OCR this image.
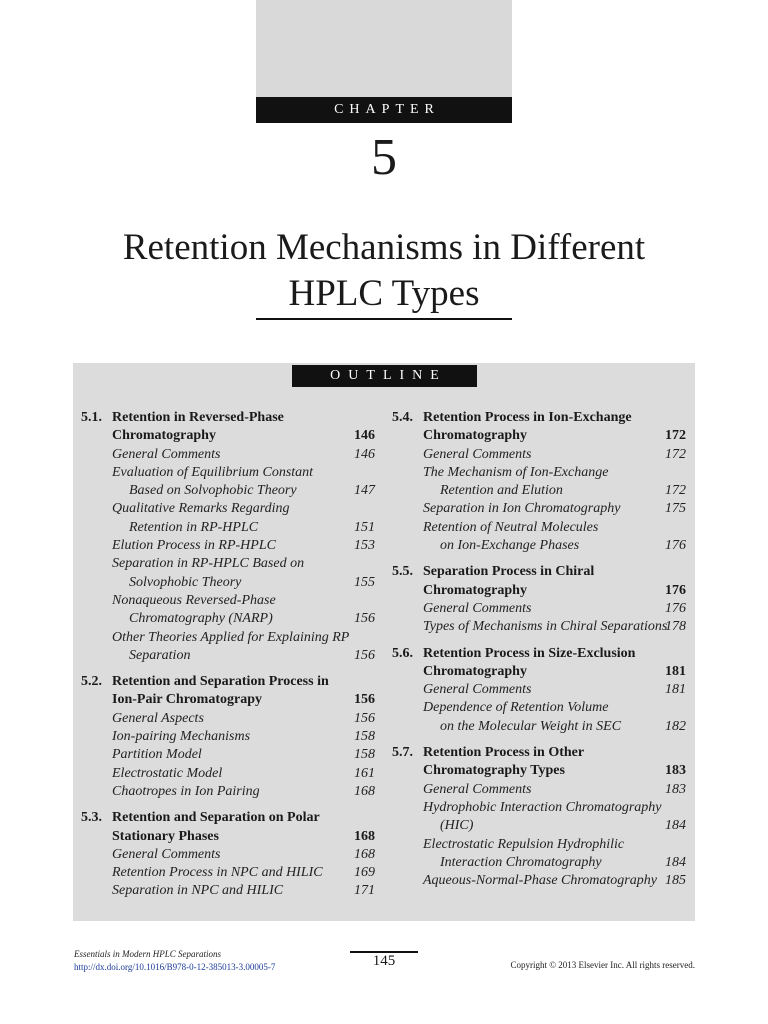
CHAPTER
5
Retention Mechanisms in Different
HPLC Types
OUTLINE
5.1. Retention in Reversed-Phase
Chromatography	146
General Comments	146
Evaluation of Equilibrium Constant
Based on Solvophobic Theory	147
Qualitative Remarks Regarding
Retention in RP-HPLC	151
Elution Process in RP-HPLC	153
Separation in RP-HPLC Based on
Solvophobic Theory	155
Nonaqueous Reversed-Phase
Chromatography (NARP)	156
Other Theories Applied for Explaining RP
Separation	156
5.2. Retention and Separation Process in
Ion-Pair Chromatograpy	156
General Aspects	156
Ion-pairing Mechanisms	158
Partition Model	158
Electrostatic Model	161
Chaotropes in Ion Pairing	168
5.3. Retention and Separation on Polar
Stationary Phases	168
General Comments	168
Retention Process in NPC and HILIC	169
Separation in NPC and HILIC	171
5.4. Retention Process in Ion-Exchange
Chromatography	172
General Comments	172
The Mechanism of Ion-Exchange
Retention and Elution	172
Separation in Ion Chromatography	175
Retention of Neutral Molecules
on Ion-Exchange Phases	176
5.5. Separation Process in Chiral
Chromatography	176
General Comments	176
Types of Mechanisms in Chiral Separations
178
5.6. Retention Process in Size-Exclusion
Chromatography	181
General Comments	181
Dependence of Retention Volume
on the Molecular Weight in SEC	182
5.7. Retention Process in Other
Chromatography Types	183
General Comments	183
Hydrophobic Interaction Chromatography
(HIC)	184
Electrostatic Repulsion Hydrophilic
Interaction Chromatography	184
Aqueous-Normal-Phase Chromatography 185
Essentials in Modern HPLC Separations
http://dx.doi.org/10.1016/B978-0-12-385013-3.00005-7	145	Copyright © 2013 Elsevier Inc. All rights reserved.
